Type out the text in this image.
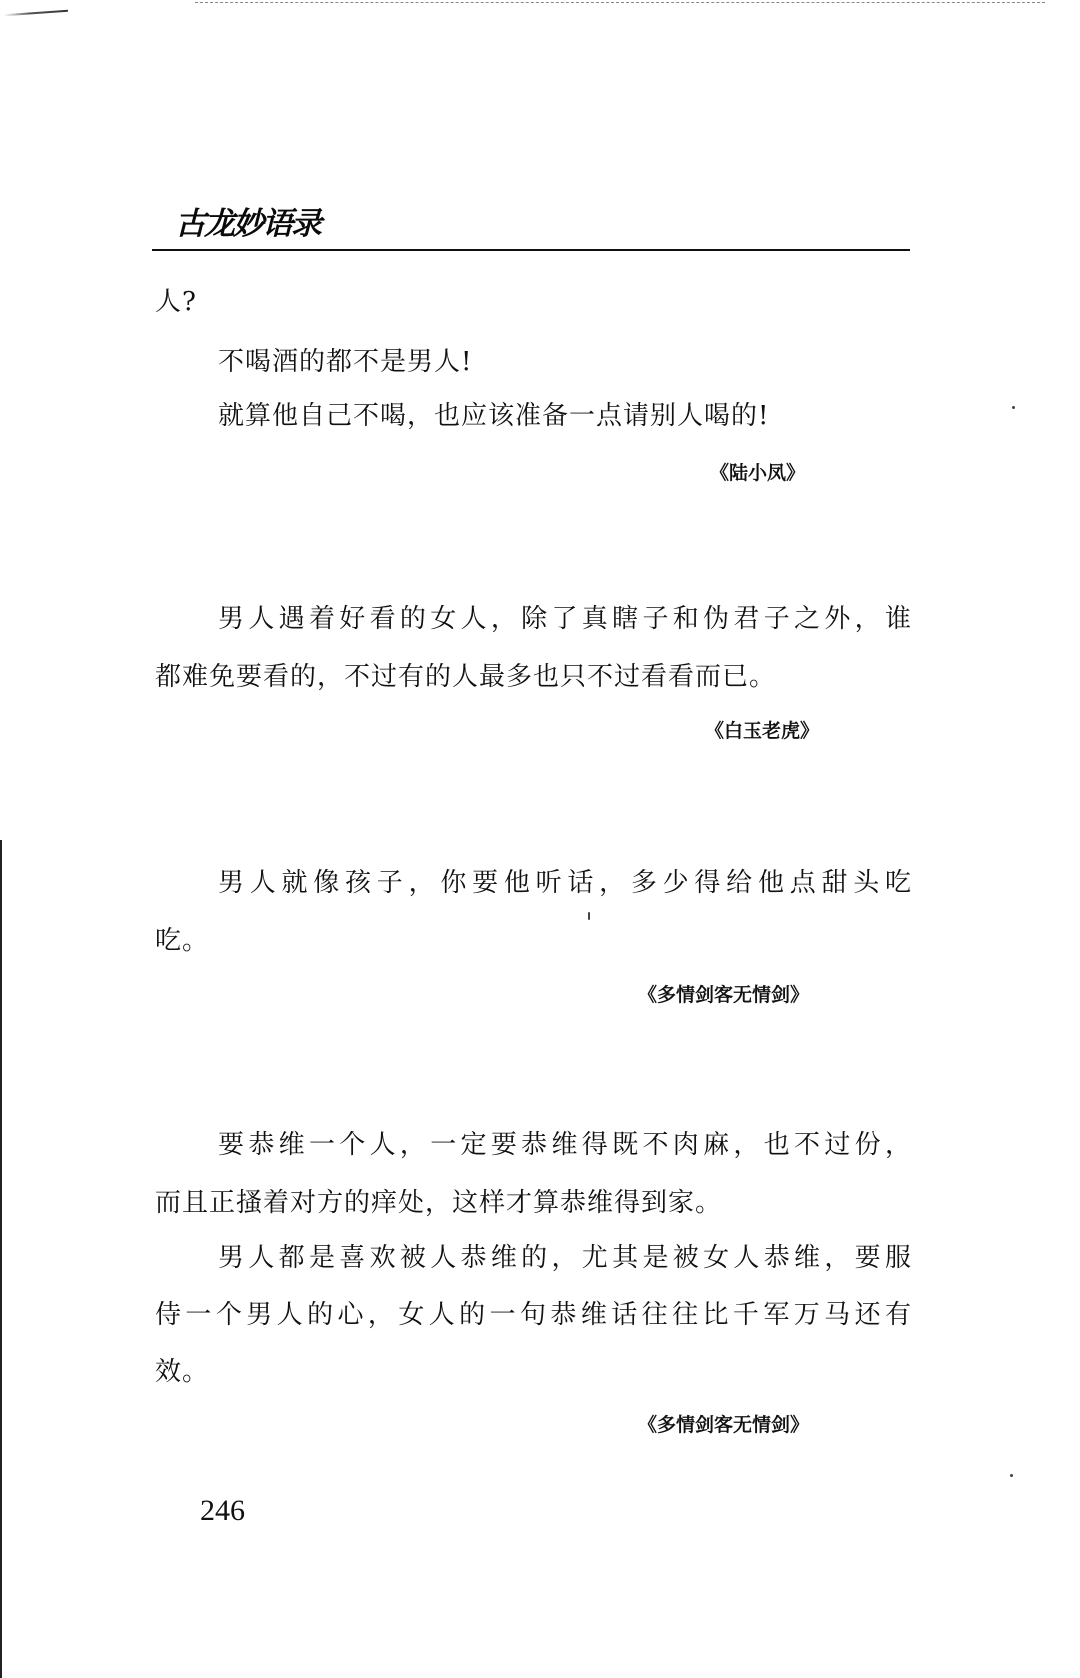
古龙妙语录
人?
不喝酒的都不是男人!
就算他自己不喝，也应该准备一点请别人喝的!
《陆小凤》
男人遇着好看的女人，除了真瞎子和伪君子之外，谁
都难免要看的，不过有的人最多也只不过看看而已。
《白玉老虎》
男人就像孩子，你要他听话，多少得给他点甜头吃
吃。
《多情剑客无情剑》
要恭维一个人，一定要恭维得既不肉麻，也不过份，
而且正搔着对方的痒处，这样才算恭维得到家。
男人都是喜欢被人恭维的，尤其是被女人恭维，要服
侍一个男人的心，女人的一句恭维话往往比千军万马还有
效。
《多情剑客无情剑》
246
